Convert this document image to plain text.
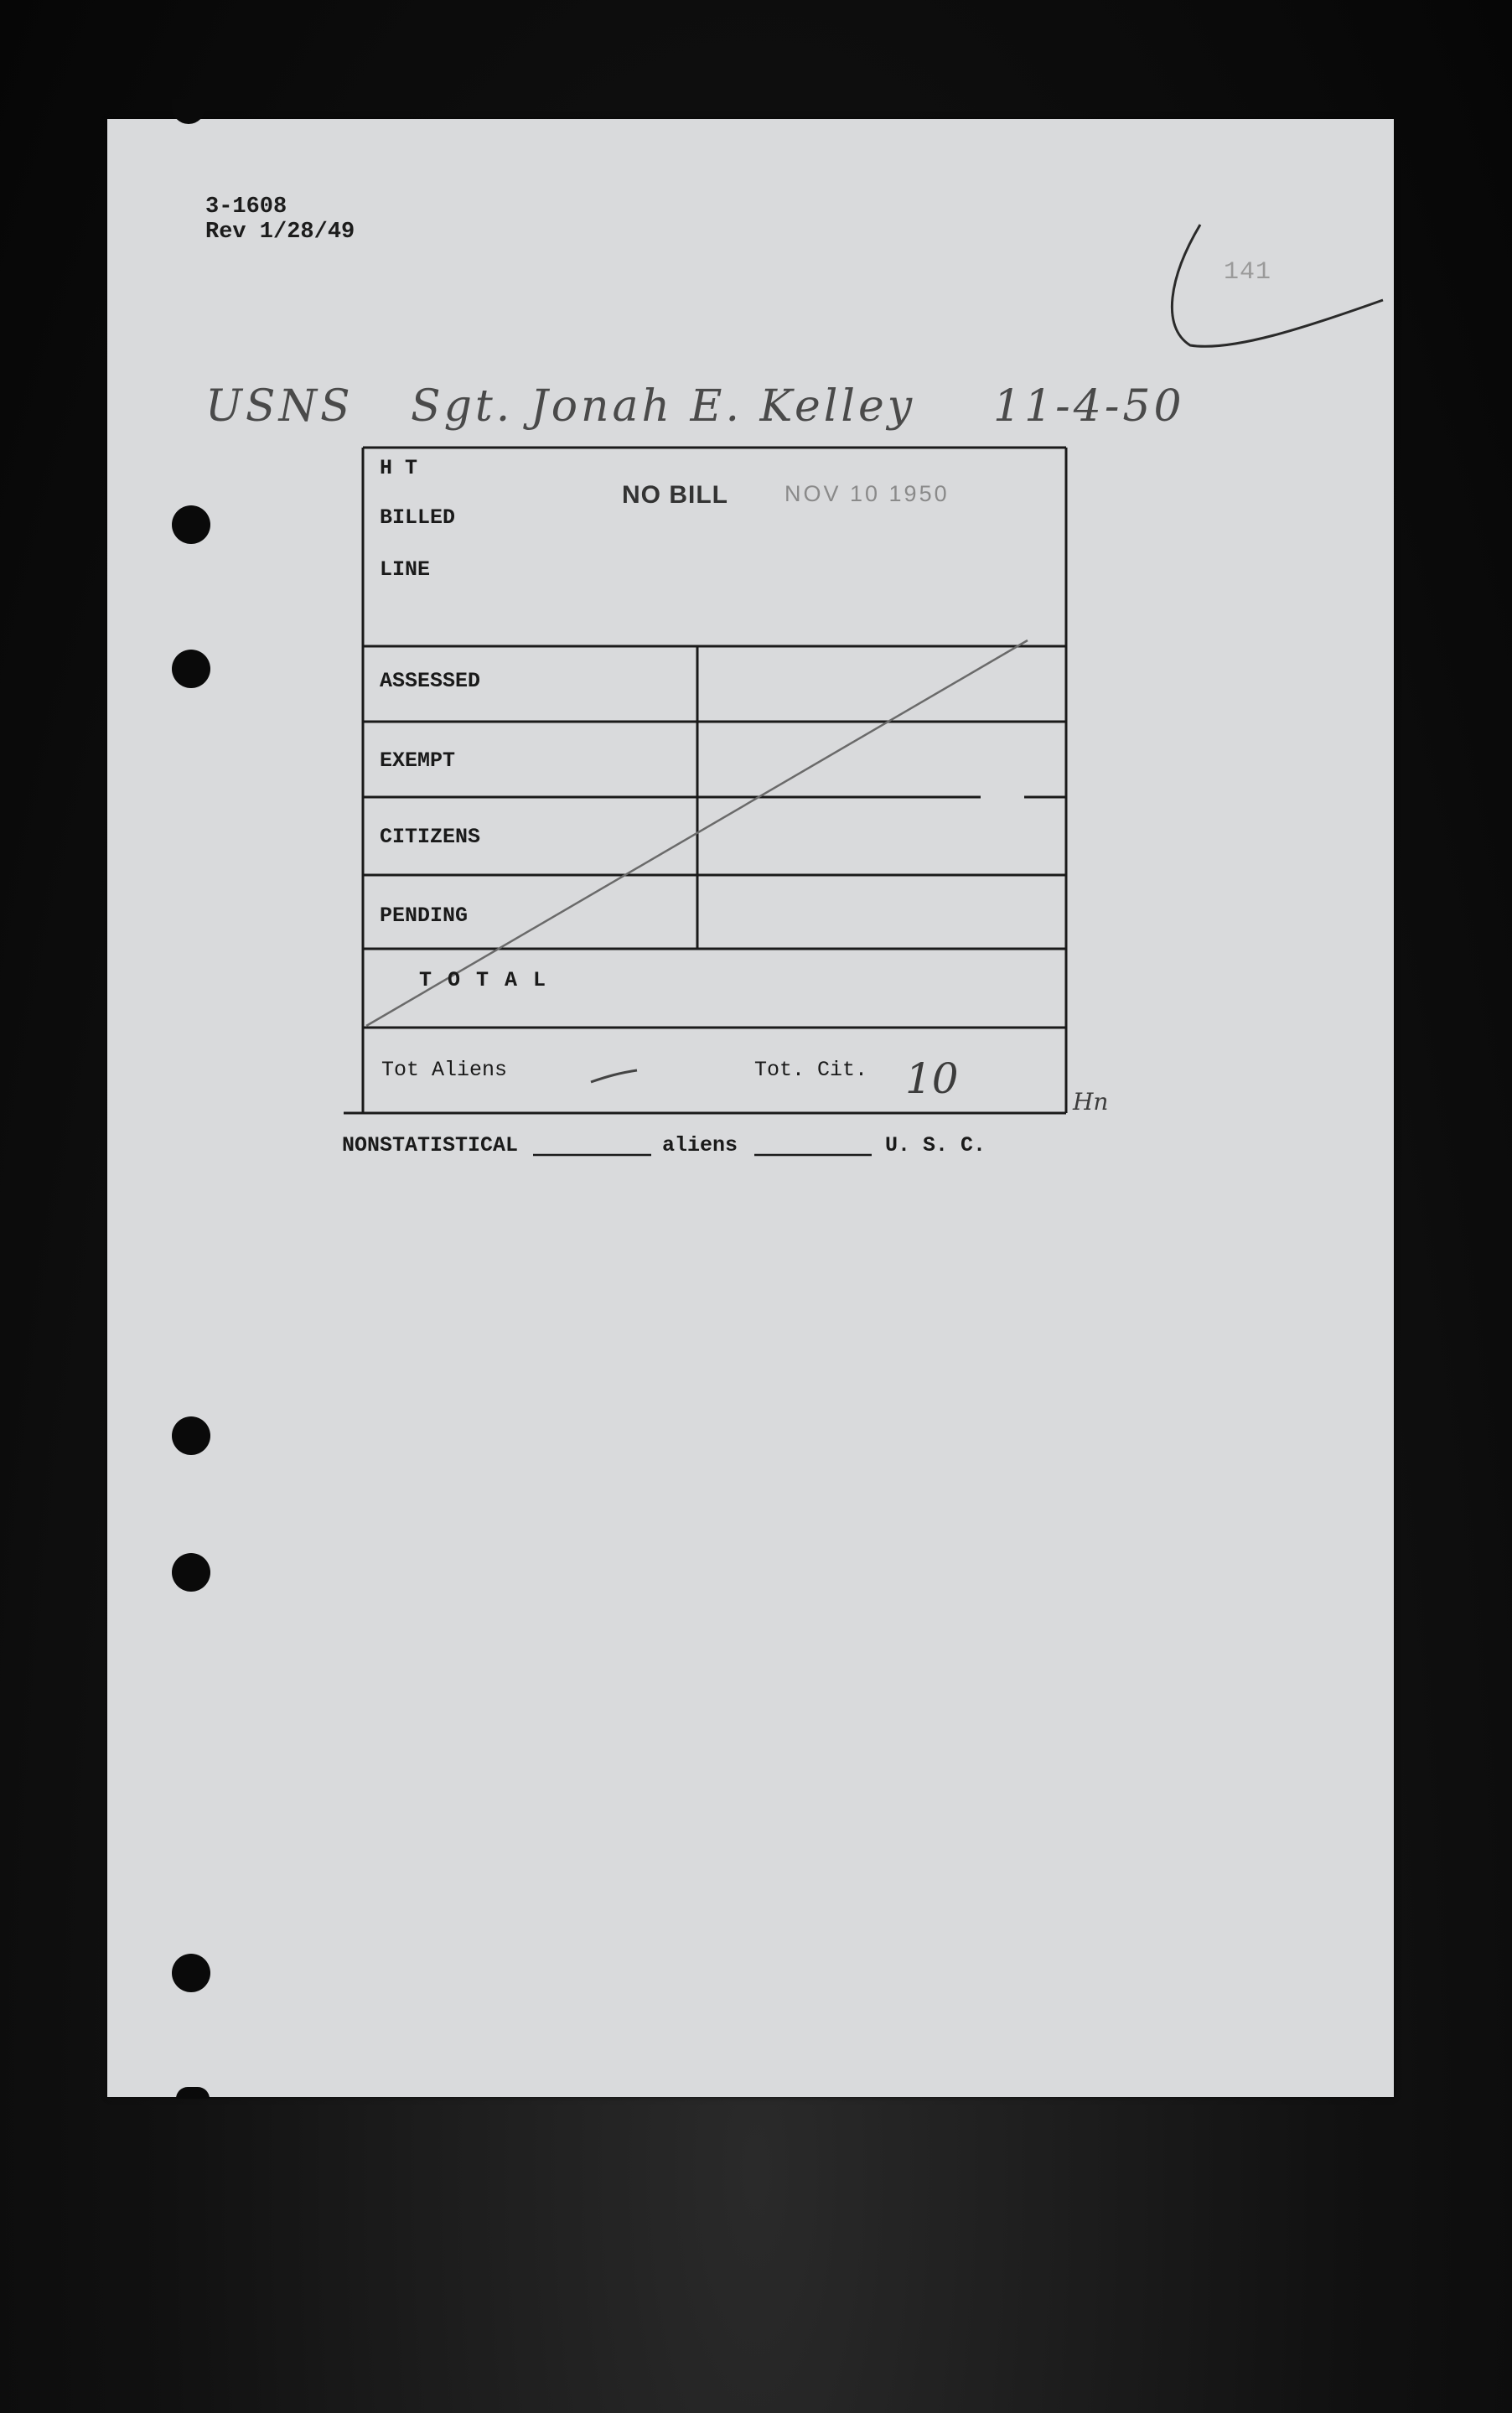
3-1608
Rev 1/28/49
141
USNS Sgt. Jonah E. Kelley 11-4-50
H T
BILLED
LINE
NO BILL NOV 10 1950
ASSESSED
EXEMPT
CITIZENS
PENDING
T O T A L
Tot Aliens	Tot. Cit. 10	Hn
NONSTATISTICAL	aliens	U. S. C.
